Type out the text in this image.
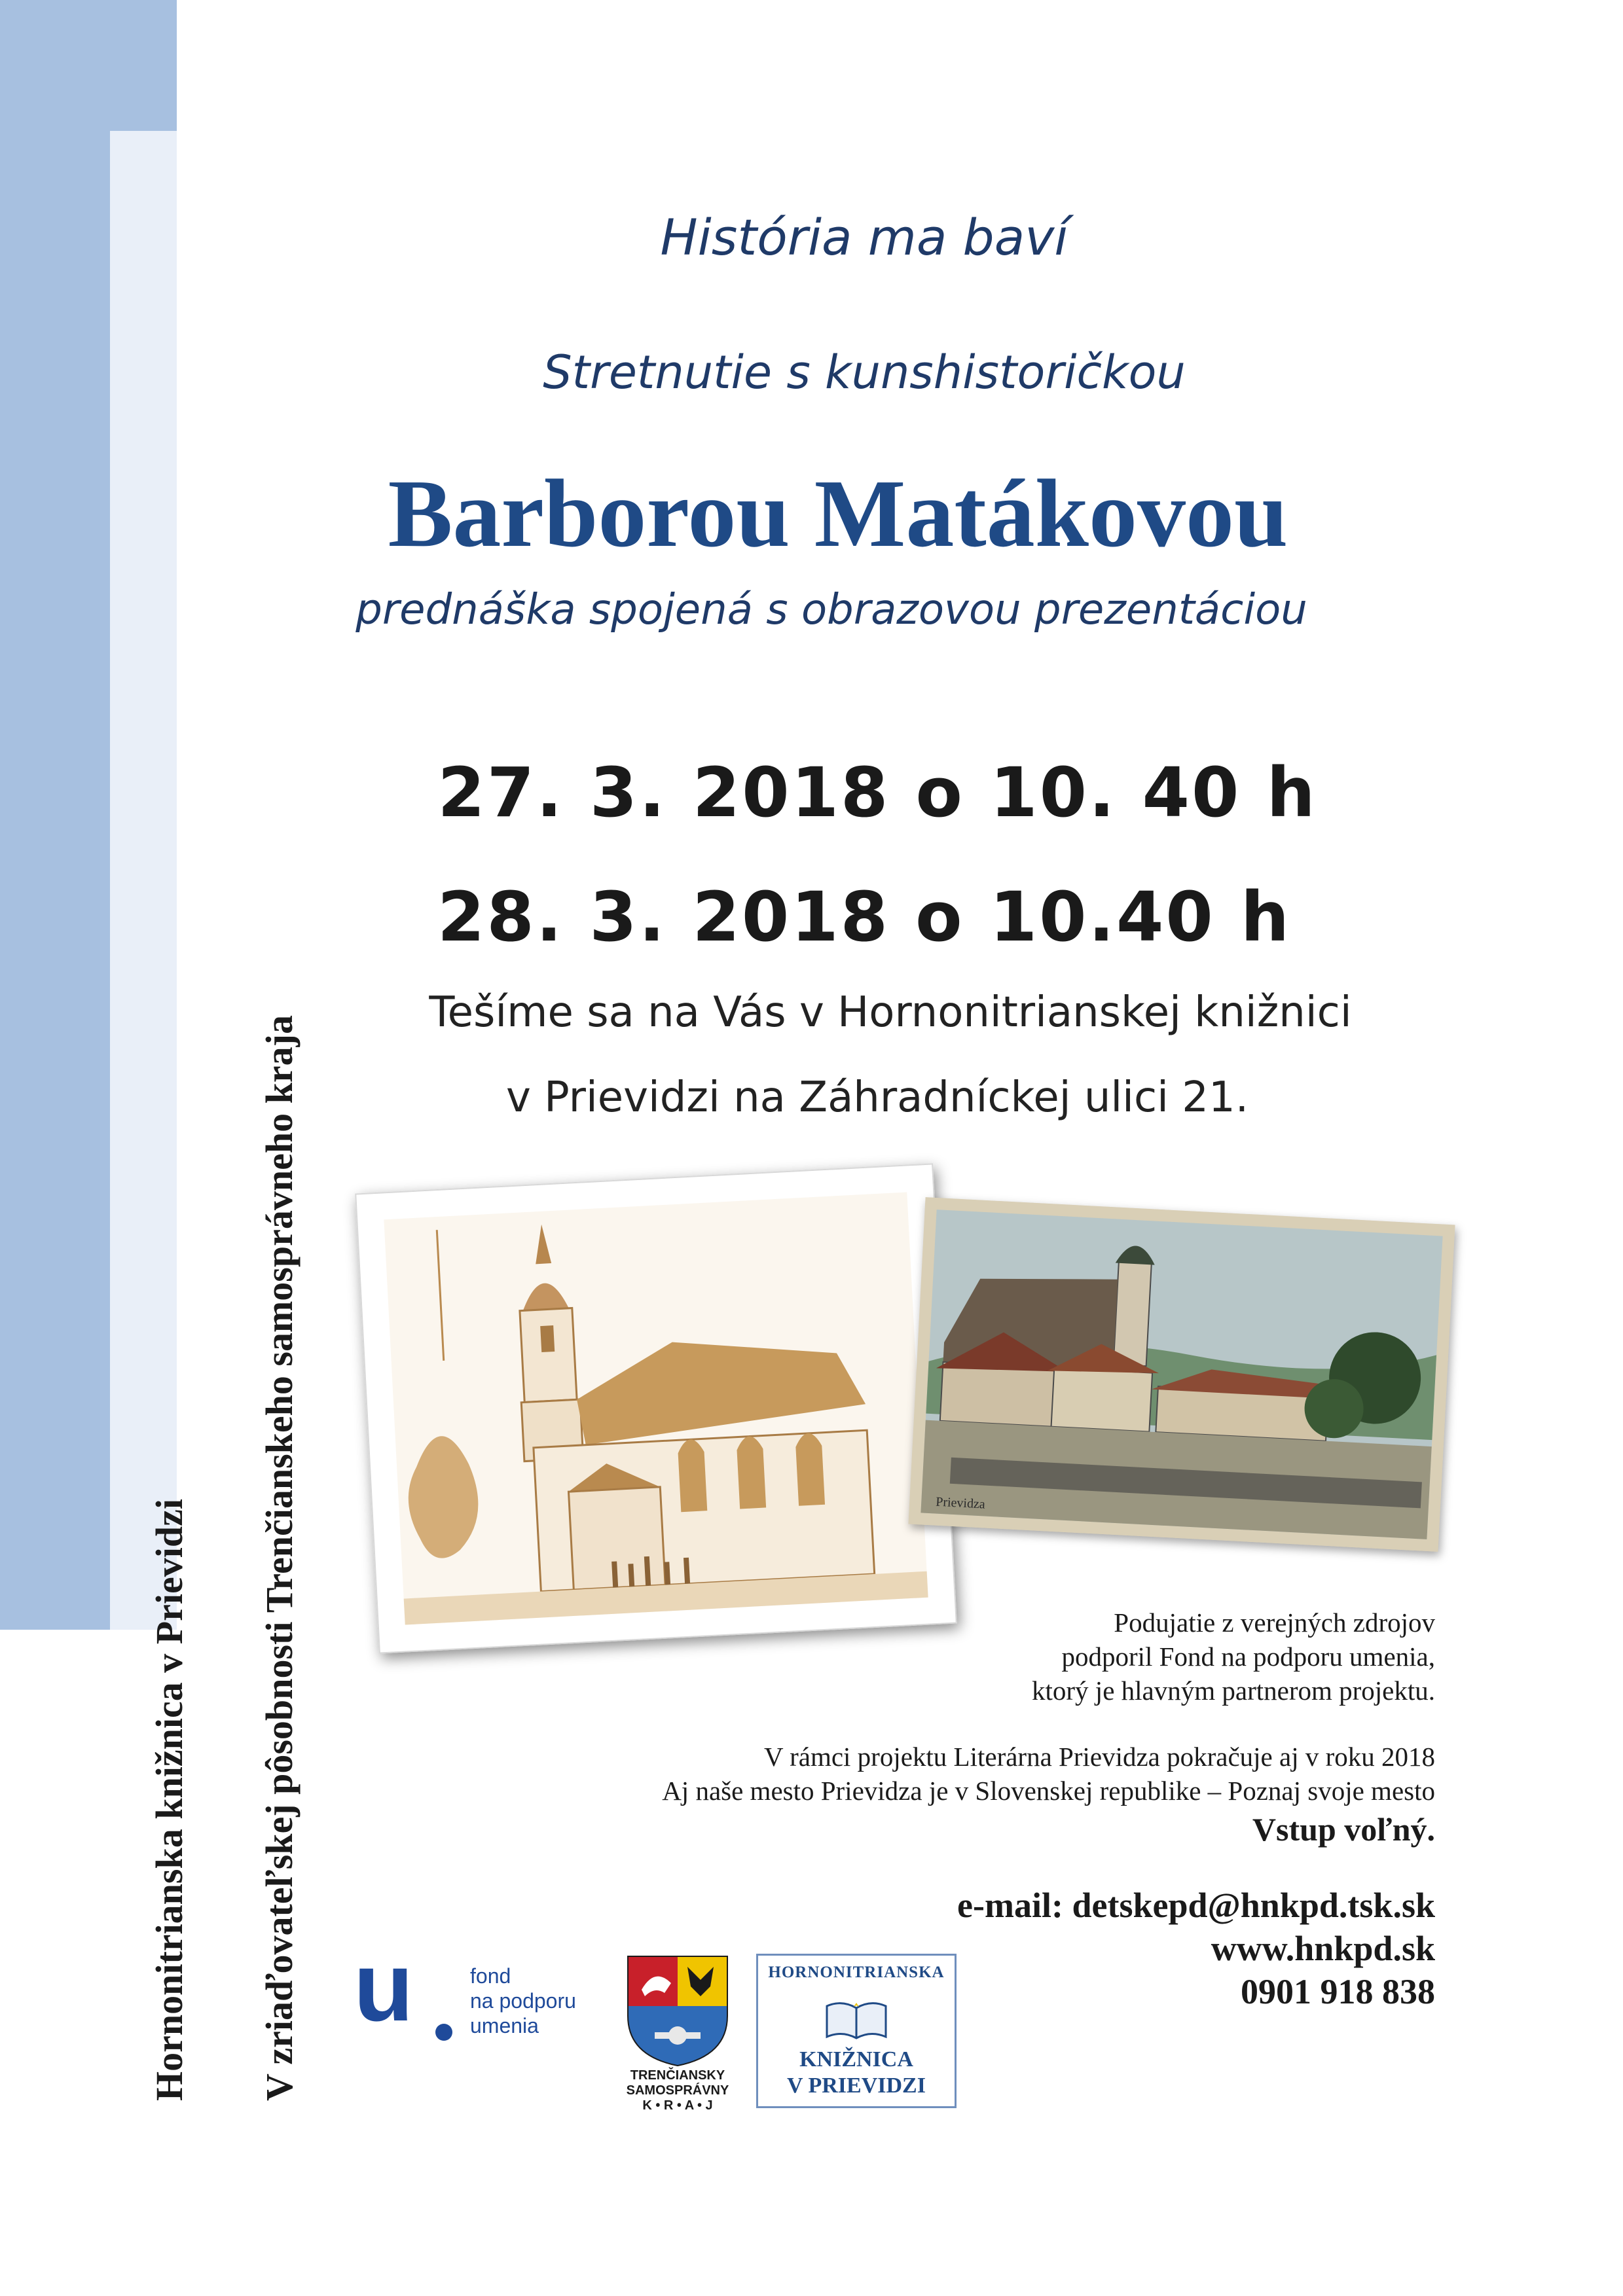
Hornonitrianska knižnica v Prievidzi V zriaďovateľskej pôsobnosti Trenčianskeho samosprávneho kraja
História ma baví
Stretnutie s kunshistoričkou
Barborou Matákovou
prednáška spojená s obrazovou prezentáciou
27. 3. 2018 o 10. 40 h
28. 3. 2018 o 10.40 h
Tešíme sa na Vás v Hornonitrianskej knižnici
v Prievidzi na Záhradníckej ulici 21.
Prievidza
Podujatie z verejných zdrojov
podporil Fond na podporu umenia,
ktorý je hlavným partnerom projektu.
V rámci projektu Literárna Prievidza pokračuje aj v roku 2018
Aj naše mesto Prievidza je v Slovenskej republike – Poznaj svoje mesto
Vstup voľný.
e-mail: detskepd@hnkpd.tsk.sk
www.hnkpd.sk
0901 918 838
u	fond
na podporu
umenia
TRENČIANSKY
SAMOSPRÁVNY
K • R • A • J
HORNONITRIANSKA
KNIŽNICA
V PRIEVIDZI
